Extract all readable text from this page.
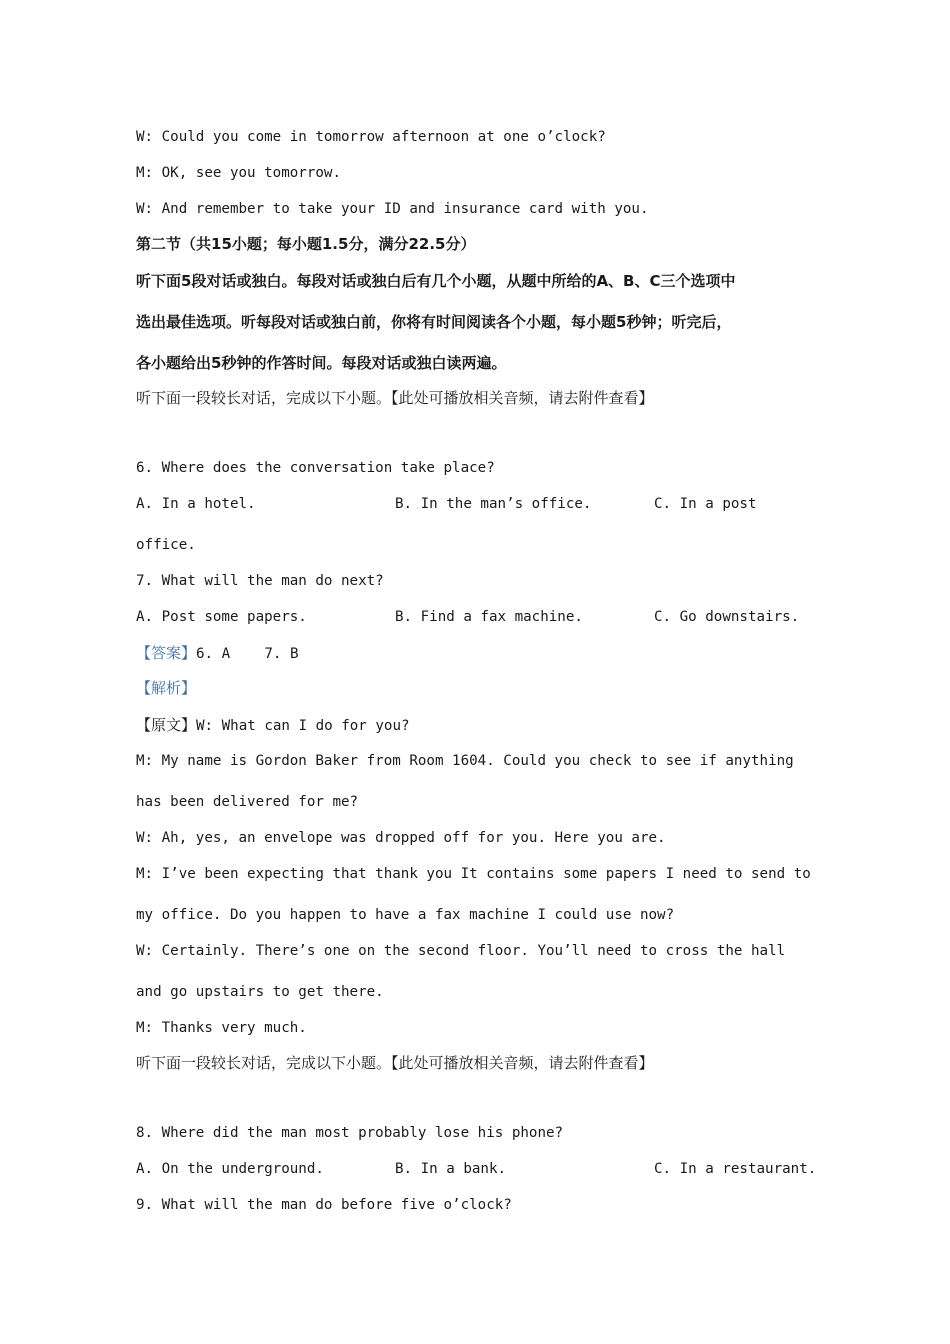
W: Could you come in tomorrow afternoon at one o’clock?
M: OK, see you tomorrow.
W: And remember to take your ID and insurance card with you.
第二节（共15小题；每小题1.5分，满分22.5分）
听下面5段对话或独白。每段对话或独白后有几个小题，从题中所给的A、B、C三个选项中
选出最佳选项。听每段对话或独白前，你将有时间阅读各个小题，每小题5秒钟；听完后，
各小题给出5秒钟的作答时间。每段对话或独白读两遍。
听下面一段较长对话，完成以下小题。【此处可播放相关音频，请去附件查看】
6. Where does the conversation take place?
A. In a hotel.	B. In the man’s office.	C. In a post
office.
7. What will the man do next?
A. Post some papers.	B. Find a fax machine.	C. Go downstairs.
【答案】6. A    7. B
【解析】
【原文】W: What can I do for you?
M: My name is Gordon Baker from Room 1604. Could you check to see if anything
has been delivered for me?
W: Ah, yes, an envelope was dropped off for you. Here you are.
M: I’ve been expecting that thank you It contains some papers I need to send to
my office. Do you happen to have a fax machine I could use now?
W: Certainly. There’s one on the second floor. You’ll need to cross the hall
and go upstairs to get there.
M: Thanks very much.
听下面一段较长对话，完成以下小题。【此处可播放相关音频，请去附件查看】
8. Where did the man most probably lose his phone?
A. On the underground.	B. In a bank.	C. In a restaurant.
9. What will the man do before five o’clock?
